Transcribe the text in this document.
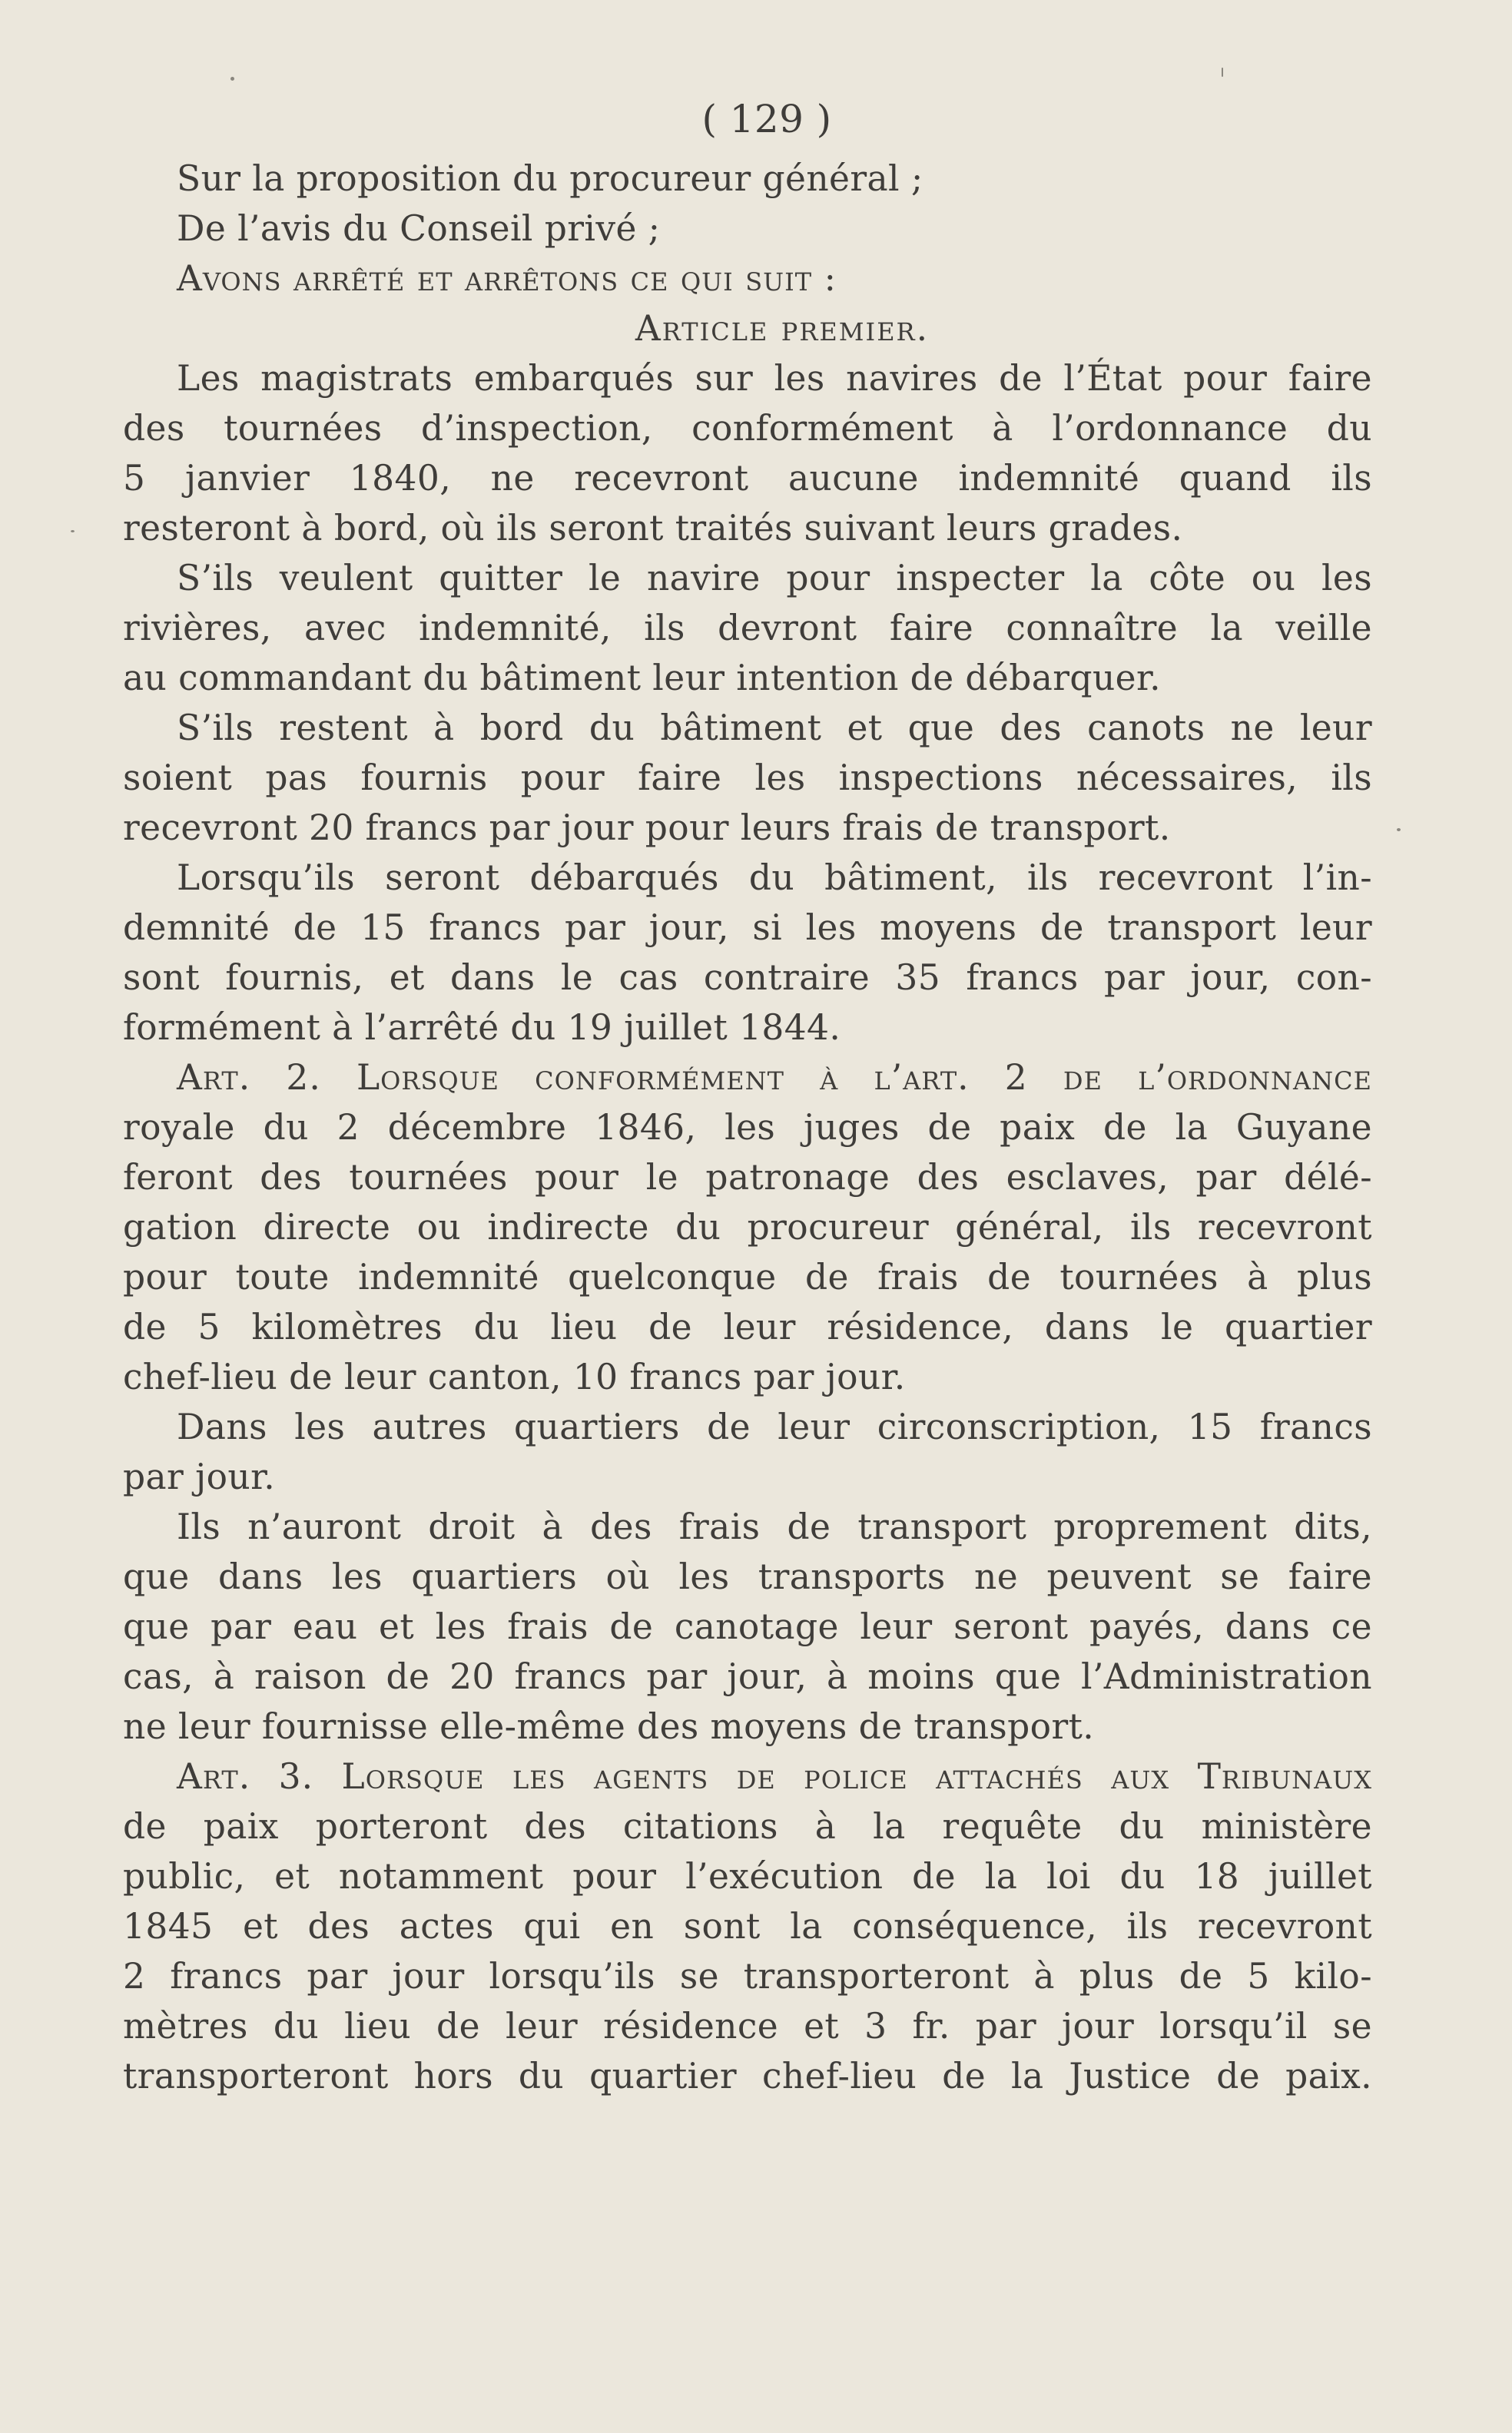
( 129 )
Sur la proposition du procureur général ;
De l’avis du Conseil privé ;
Avons arrêté et arrêtons ce qui suit :
Article premier.
Les magistrats embarqués sur les navires de l’État pour faire
des tournées d’inspection, conformément à l’ordonnance du
5 janvier 1840, ne recevront aucune indemnité quand ils
resteront à bord, où ils seront traités suivant leurs grades.
S’ils veulent quitter le navire pour inspecter la côte ou les
rivières, avec indemnité, ils devront faire connaître la veille
au commandant du bâtiment leur intention de débarquer.
S’ils restent à bord du bâtiment et que des canots ne leur
soient pas fournis pour faire les inspections nécessaires, ils
recevront 20 francs par jour pour leurs frais de transport.
Lorsqu’ils seront débarqués du bâtiment, ils recevront l’in-
demnité de 15 francs par jour, si les moyens de transport leur
sont fournis, et dans le cas contraire 35 francs par jour, con-
formément à l’arrêté du 19 juillet 1844.
Art. 2. Lorsque conformément à l’art. 2 de l’ordonnance
royale du 2 décembre 1846, les juges de paix de la Guyane
feront des tournées pour le patronage des esclaves, par délé-
gation directe ou indirecte du procureur général, ils recevront
pour toute indemnité quelconque de frais de tournées à plus
de 5 kilomètres du lieu de leur résidence, dans le quartier
chef-lieu de leur canton, 10 francs par jour.
Dans les autres quartiers de leur circonscription, 15 francs
par jour.
Ils n’auront droit à des frais de transport proprement dits,
que dans les quartiers où les transports ne peuvent se faire
que par eau et les frais de canotage leur seront payés, dans ce
cas, à raison de 20 francs par jour, à moins que l’Administration
ne leur fournisse elle-même des moyens de transport.
Art. 3. Lorsque les agents de police attachés aux Tribunaux
de paix porteront des citations à la requête du ministère
public, et notamment pour l’exécution de la loi du 18 juillet
1845 et des actes qui en sont la conséquence, ils recevront
2 francs par jour lorsqu’ils se transporteront à plus de 5 kilo-
mètres du lieu de leur résidence et 3 fr. par jour lorsqu’il se
transporteront hors du quartier chef-lieu de la Justice de paix.
